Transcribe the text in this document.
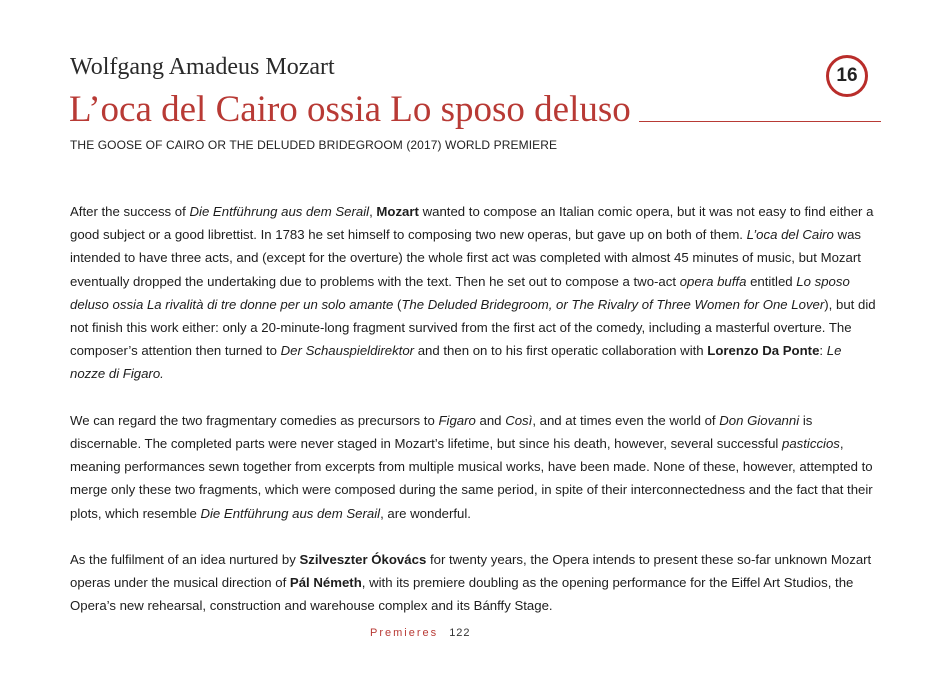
Wolfgang Amadeus Mozart	16
L’oca del Cairo ossia Lo sposo deluso
THE GOOSE OF CAIRO OR THE DELUDED BRIDEGROOM (2017) WORLD PREMIERE

After the success of Die Entführung aus dem Serail, Mozart wanted to compose an Italian comic opera, but it was not easy to find either a good subject or a good librettist. In 1783 he set himself to composing two new operas, but gave up on both of them. L’oca del Cairo was intended to have three acts, and (except for the overture) the whole first act was completed with almost 45 minutes of music, but Mozart eventually dropped the undertaking due to problems with the text. Then he set out to compose a two-act opera buffa entitled Lo sposo deluso ossia La rivalità di tre donne per un solo amante (The Deluded Bridegroom, or The Rivalry of Three Women for One Lover), but did not finish this work either: only a 20-minute-long fragment survived from the first act of the comedy, including a masterful overture. The composer’s attention then turned to Der Schauspieldirektor and then on to his first operatic collaboration with Lorenzo Da Ponte: Le nozze di Figaro.

We can regard the two fragmentary comedies as precursors to Figaro and Così, and at times even the world of Don Giovanni is discernable. The completed parts were never staged in Mozart’s lifetime, but since his death, however, several successful pasticcios, meaning performances sewn together from excerpts from multiple musical works, have been made. None of these, however, attempted to merge only these two fragments, which were composed during the same period, in spite of their interconnectedness and the fact that their plots, which resemble Die Entführung aus dem Serail, are wonderful.

As the fulfilment of an idea nurtured by Szilveszter Ókovács for twenty years, the Opera intends to present these so-far unknown Mozart operas under the musical direction of Pál Németh, with its premiere doubling as the opening performance for the Eiffel Art Studios, the Opera’s new rehearsal, construction and warehouse complex and its Bánffy Stage.

Premieres 122
